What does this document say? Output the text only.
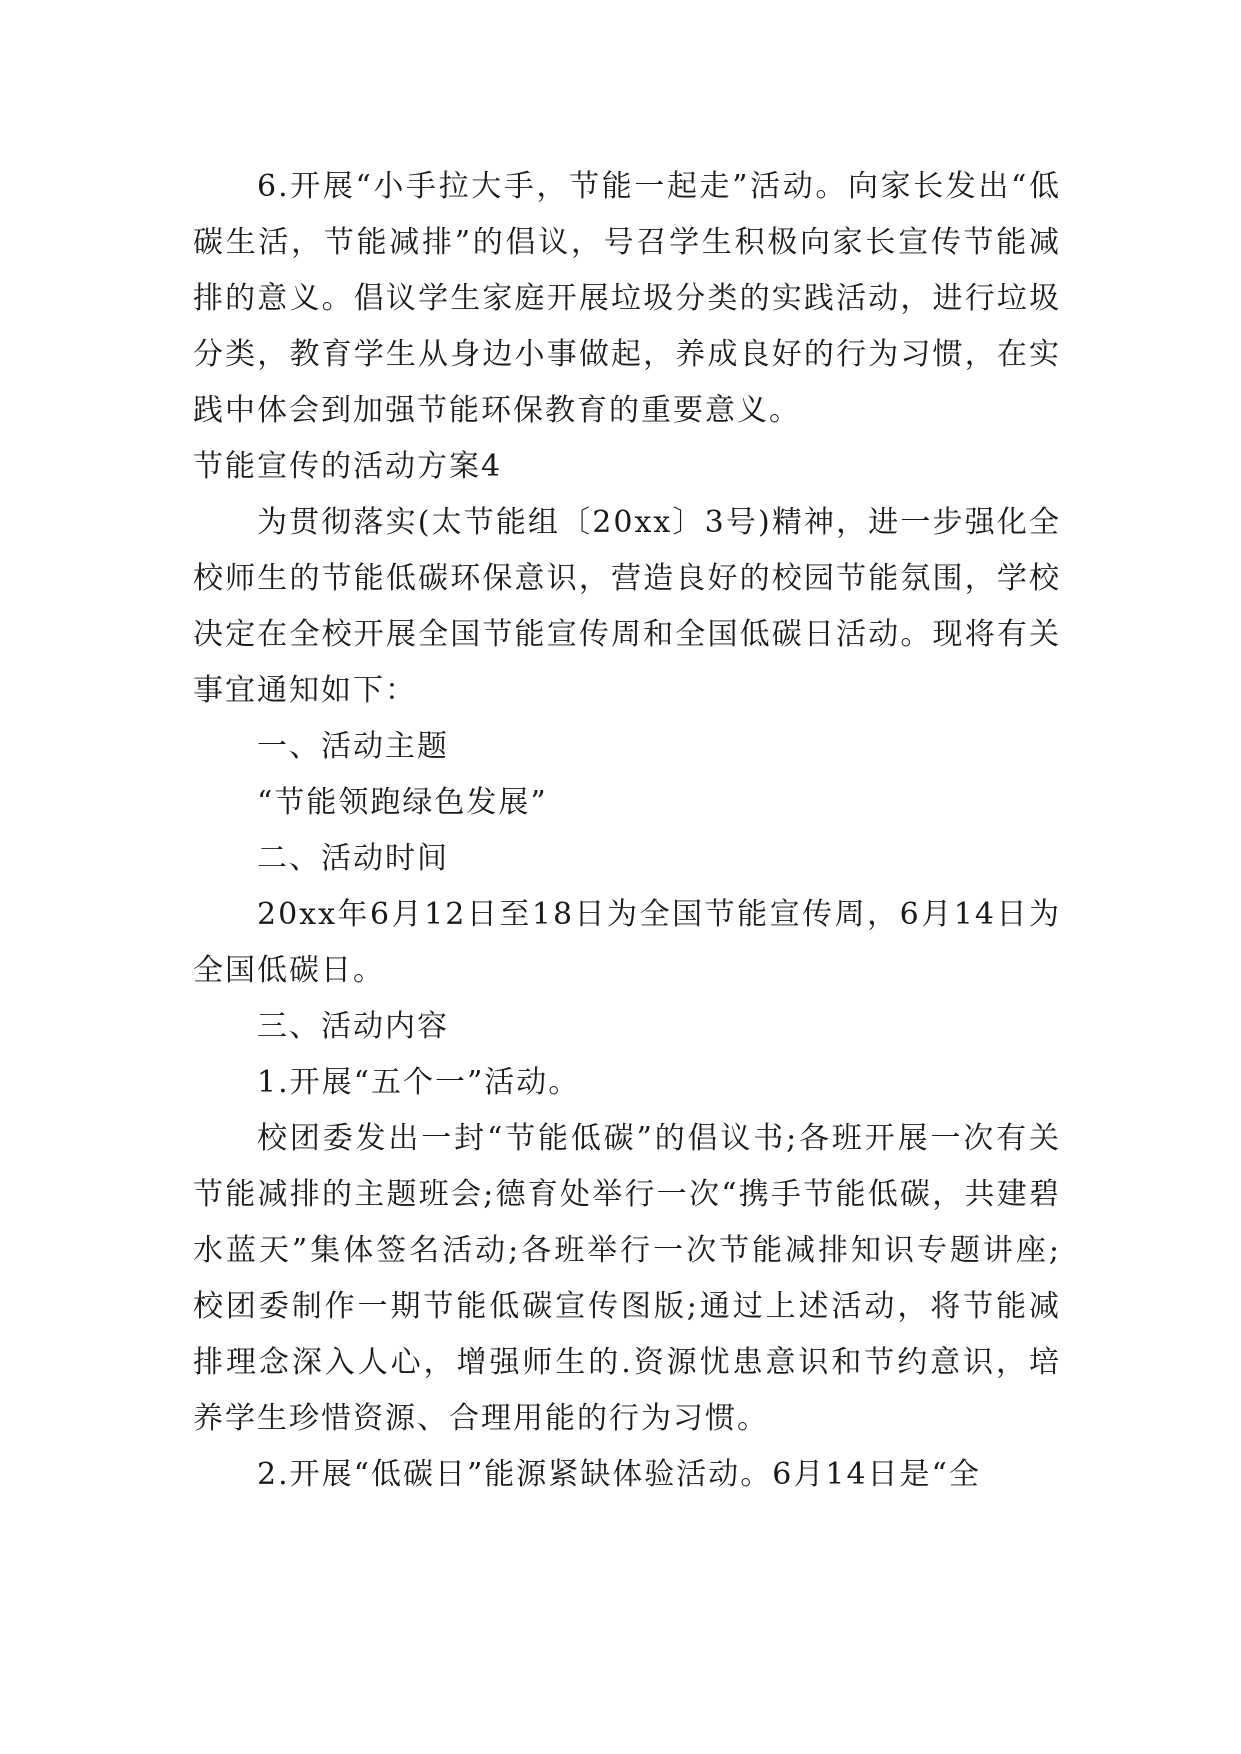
6.开展“小手拉大手，节能一起走”活动。向家长发出“低碳生活，节能减排”的倡议，号召学生积极向家长宣传节能减排的意义。倡议学生家庭开展垃圾分类的实践活动，进行垃圾分类，教育学生从身边小事做起，养成良好的行为习惯，在实践中体会到加强节能环保教育的重要意义。

节能宣传的活动方案4

为贯彻落实(太节能组〔20xx〕3号)精神，进一步强化全校师生的节能低碳环保意识，营造良好的校园节能氛围，学校决定在全校开展全国节能宣传周和全国低碳日活动。现将有关事宜通知如下：

一、活动主题

“节能领跑绿色发展”

二、活动时间

20xx年6月12日至18日为全国节能宣传周，6月14日为全国低碳日。

三、活动内容

1.开展“五个一”活动。

校团委发出一封“节能低碳”的倡议书;各班开展一次有关节能减排的主题班会;德育处举行一次“携手节能低碳，共建碧水蓝天”集体签名活动;各班举行一次节能减排知识专题讲座;校团委制作一期节能低碳宣传图版;通过上述活动，将节能减排理念深入人心，增强师生的.资源忧患意识和节约意识，培养学生珍惜资源、合理用能的行为习惯。

2.开展“低碳日”能源紧缺体验活动。6月14日是“全
